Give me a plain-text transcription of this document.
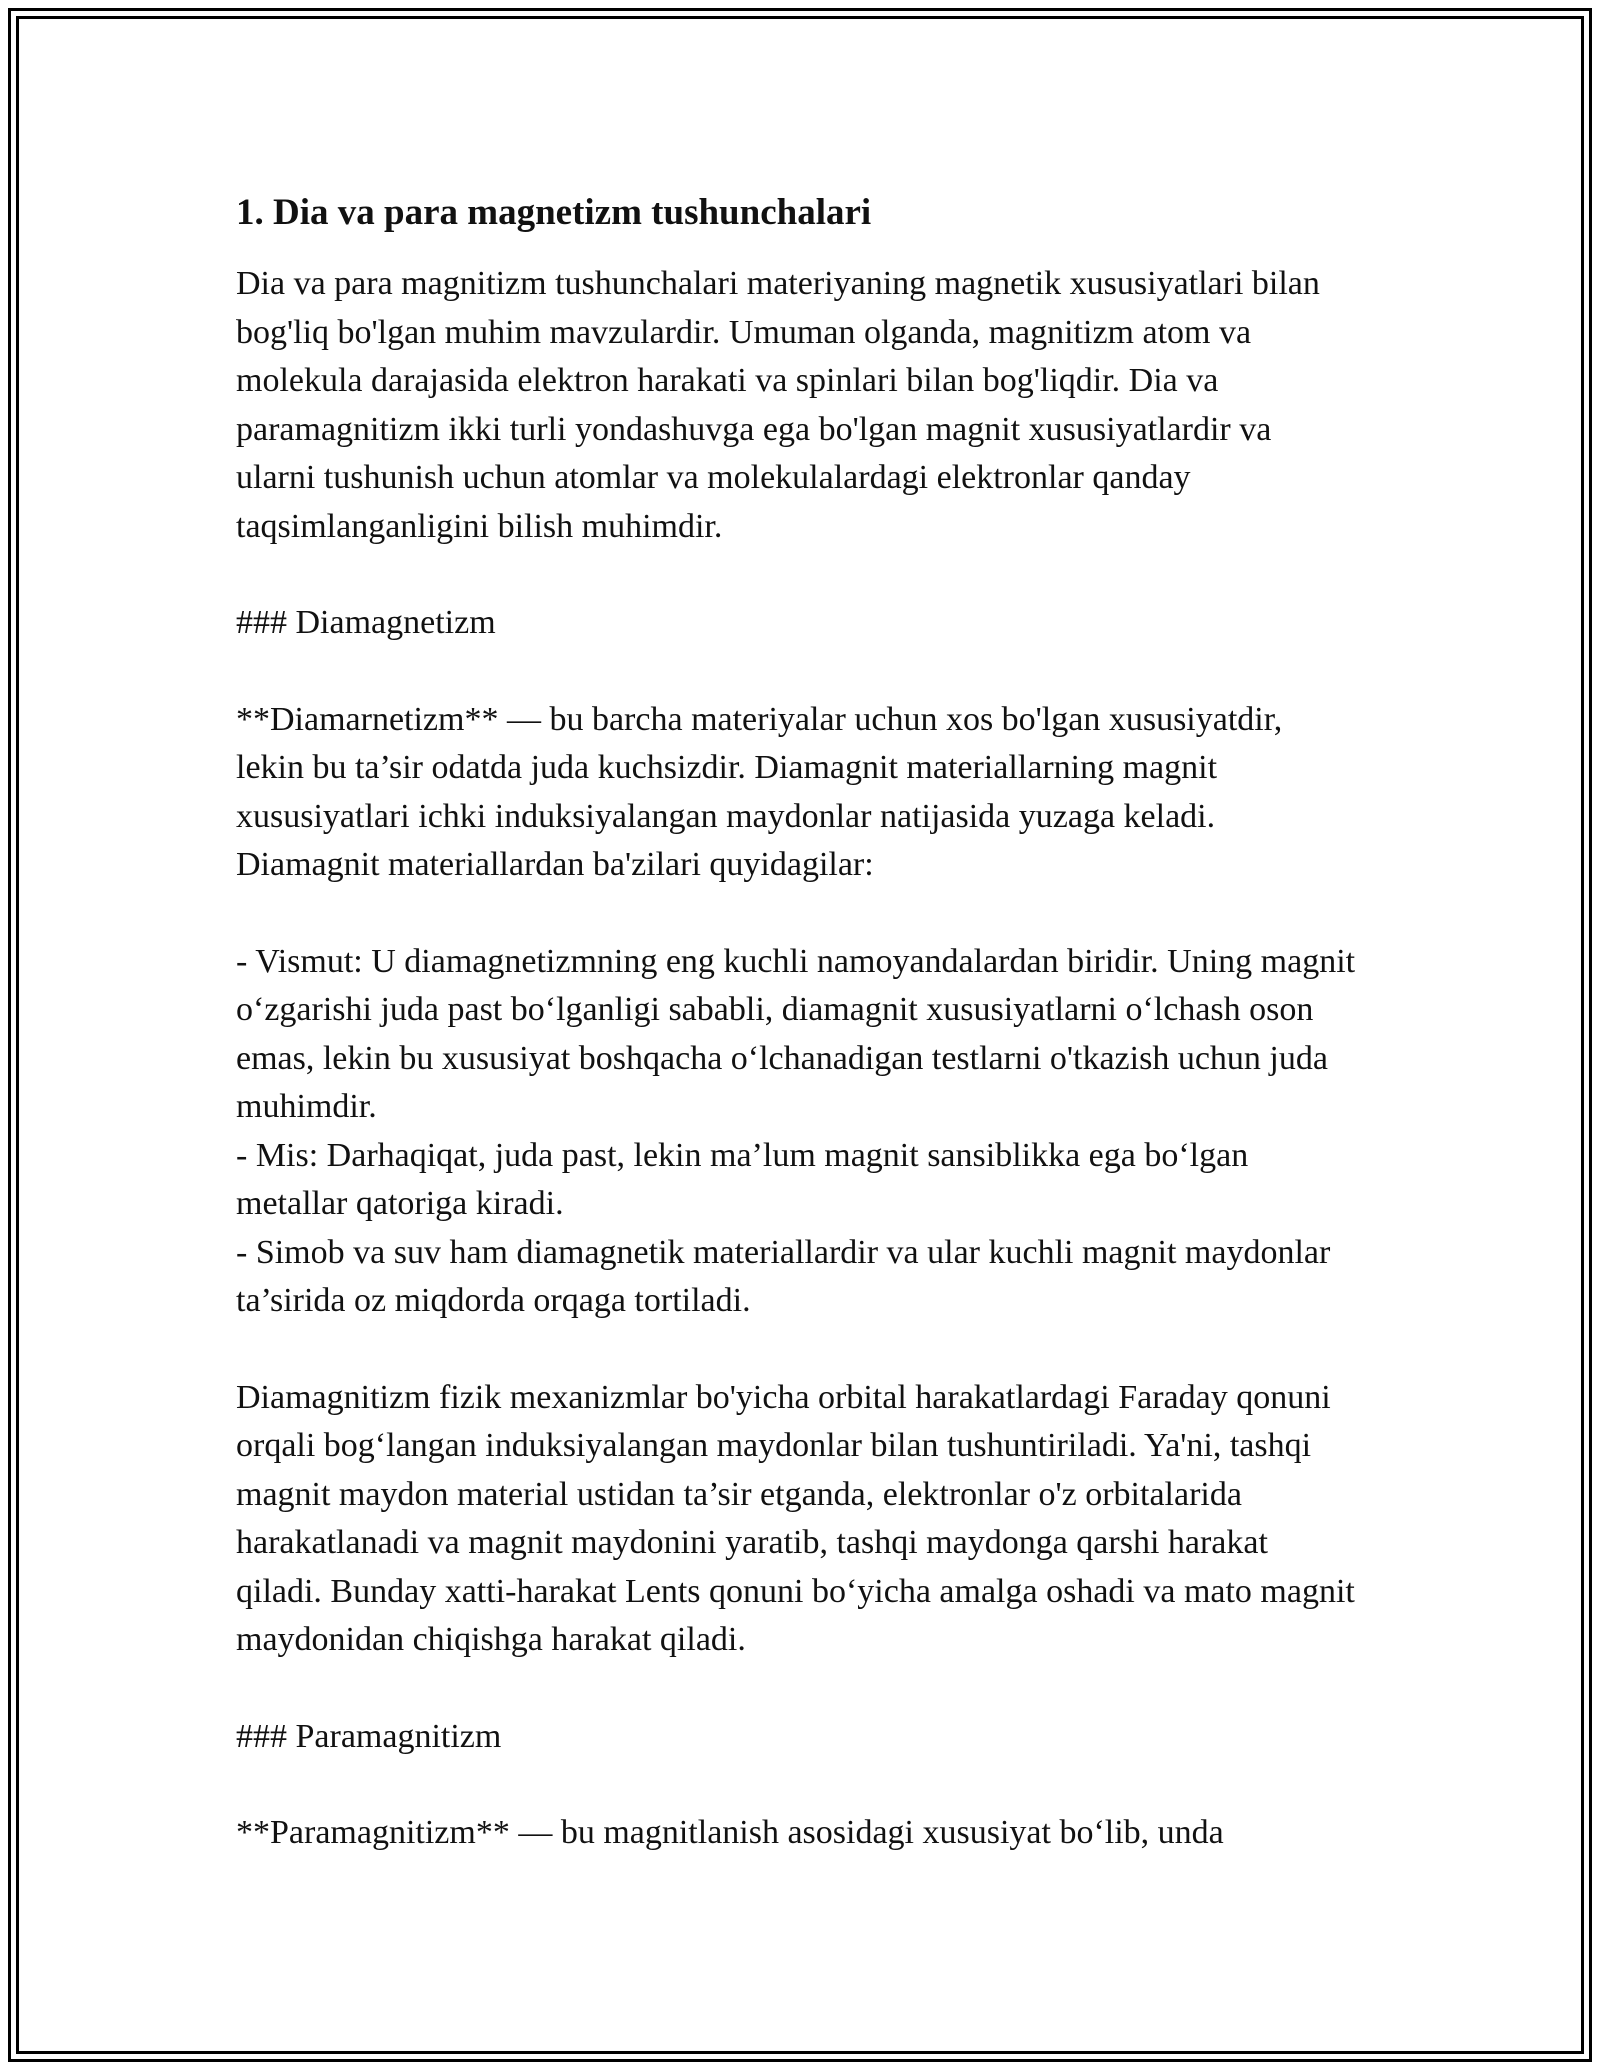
1. Dia va para magnetizm tushunchalari

Dia va para magnitizm tushunchalari materiyaning magnetik xususiyatlari bilan bog'liq bo'lgan muhim mavzulardir. Umuman olganda, magnitizm atom va molekula darajasida elektron harakati va spinlari bilan bog'liqdir. Dia va paramagnitizm ikki turli yondashuvga ega bo'lgan magnit xususiyatlardir va ularni tushunish uchun atomlar va molekulalardagi elektronlar qanday taqsimlanganligini bilish muhimdir.

### Diamagnetizm

**Diamarnetizm** — bu barcha materiyalar uchun xos bo'lgan xususiyatdir, lekin bu ta’sir odatda juda kuchsizdir. Diamagnit materiallarning magnit xususiyatlari ichki induksiyalangan maydonlar natijasida yuzaga keladi. Diamagnit materiallardan ba'zilari quyidagilar:

- Vismut: U diamagnetizmning eng kuchli namoyandalardan biridir. Uning magnit o‘zgarishi juda past bo‘lganligi sababli, diamagnit xususiyatlarni o‘lchash oson emas, lekin bu xususiyat boshqacha o‘lchanadigan testlarni o'tkazish uchun juda muhimdir.

- Mis: Darhaqiqat, juda past, lekin ma’lum magnit sansiblikka ega bo‘lgan metallar qatoriga kiradi.

- Simob va suv ham diamagnetik materiallardir va ular kuchli magnit maydonlar ta’sirida oz miqdorda orqaga tortiladi.

Diamagnitizm fizik mexanizmlar bo'yicha orbital harakatlardagi Faraday qonuni orqali bog‘langan induksiyalangan maydonlar bilan tushuntiriladi. Ya'ni, tashqi magnit maydon material ustidan ta’sir etganda, elektronlar o'z orbitalarida harakatlanadi va magnit maydonini yaratib, tashqi maydonga qarshi harakat qiladi. Bunday xatti-harakat Lents qonuni bo‘yicha amalga oshadi va mato magnit maydonidan chiqishga harakat qiladi.

### Paramagnitizm

**Paramagnitizm** — bu magnitlanish asosidagi xususiyat bo‘lib, unda
